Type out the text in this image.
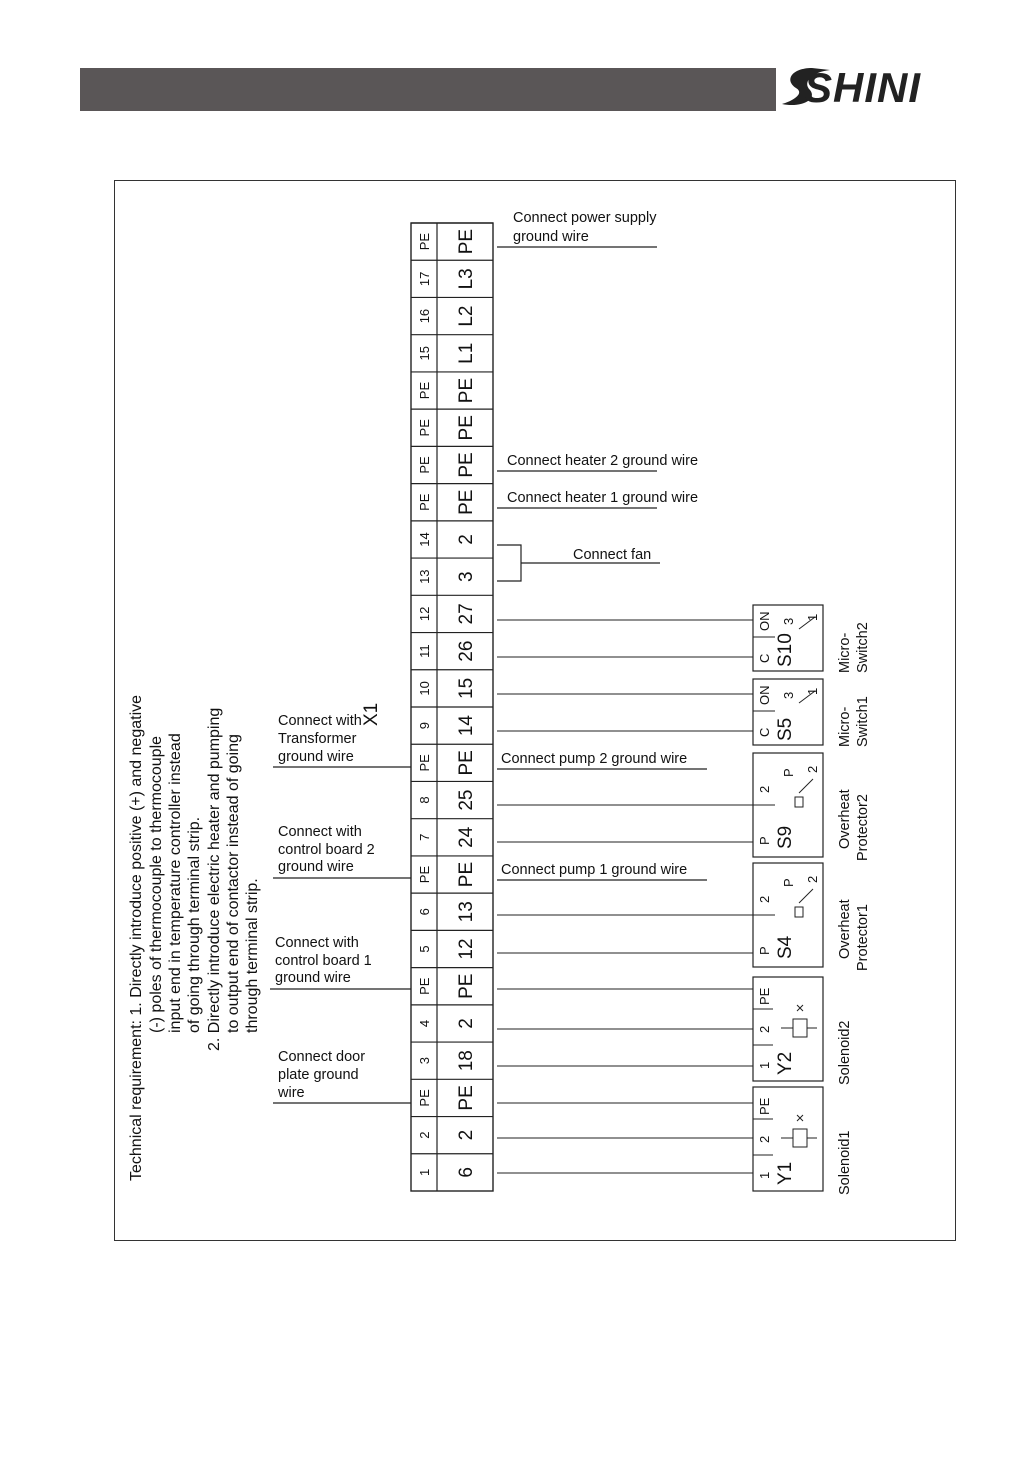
SHINI
1 6
2 2
PE PE
3 18
4 2
PE PE
5 12
6 13
PE PE
7 24
8 25
PE PE
9 14
10 15
11 26
12 27
13 3
14 2
PE PE
PE PE
PE PE
PE PE
15 L1
16 L2
17 L3
PE PE
Technical requirement: 1. Directly introduce positive (+) and negative (-) poles of thermocouple to thermocouple input end in temperature controller instead of going through terminal strip. 2. Directly introduce electric heater and pumping to output end of contactor instead of going through terminal strip.
X1
Connect with
Transformer
ground wire
Connect with
control board 2
ground wire
Connect with
control board 1
ground wire
Connect door
plate ground
wire
Connect power supply
ground wire
Connect heater 2 ground wire
Connect heater 1 ground wire
Connect fan
Connect pump 2 ground wire
Connect pump 1 ground wire
PE
2
1 Y1	Solenoid1
PE
2
1 Y2	Solenoid2
2
P S4
P 2
Overheat Protector1
2
P S9
P 2
Overheat Protector2
ON
C S5
3
1
Micro- Switch1
ON
C S10
3
1
Micro- Switch2
